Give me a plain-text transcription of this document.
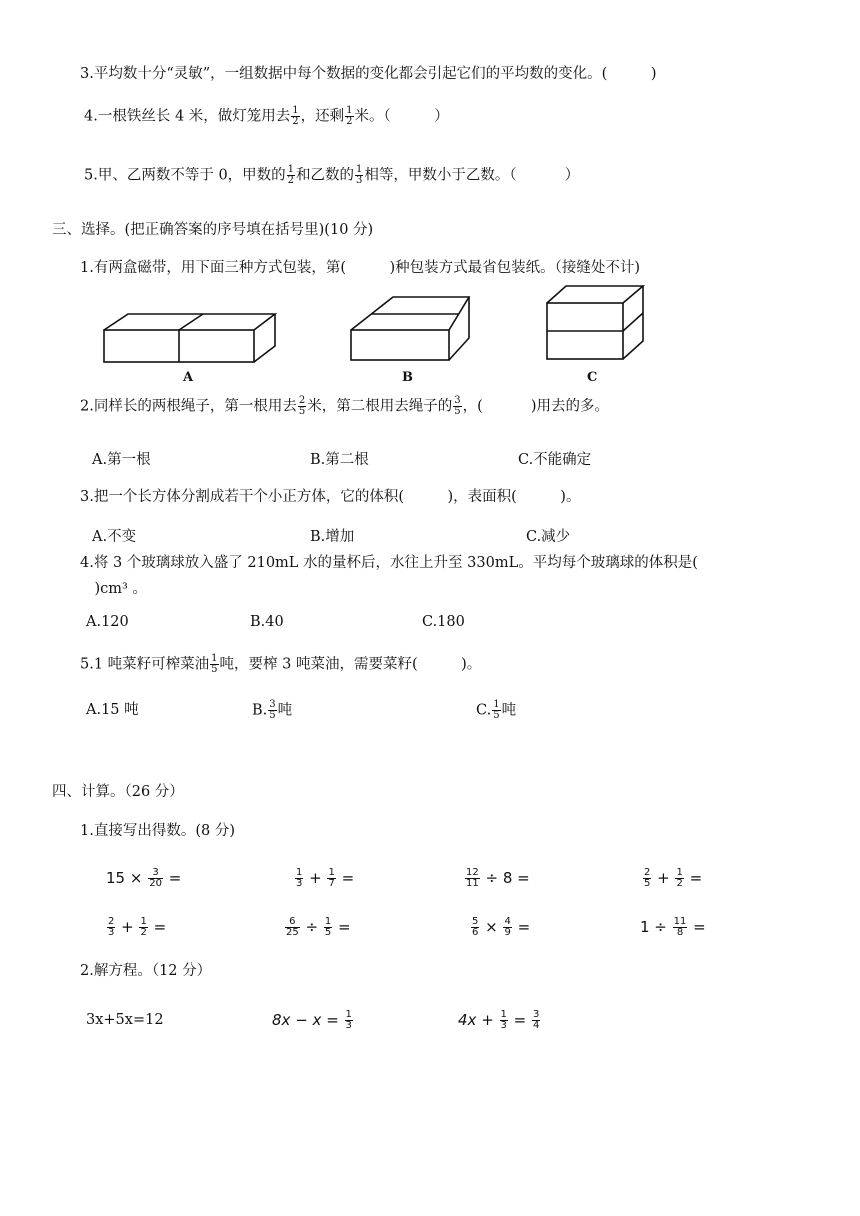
3.平均数十分“灵敏”，一组数据中每个数据的变化都会引起它们的平均数的变化。(　　　)
4.一根铁丝长 4 米，做灯笼用去 $\frac{1}{2}$ ，还剩 $\frac{1}{2}$ 米。（　　　）
5.甲、乙两数不等于 0，甲数的 $\frac{1}{2}$ 和乙数的 $\frac{1}{3}$ 相等，甲数小于乙数。（　　　 ）
三、选择。(把正确答案的序号填在括号里)(10 分)
1.有两盒磁带，用下面三种方式包装，第(　　　)种包装方式最省包装纸。（接缝处不计)
A	B	C
2.同样长的两根绳子，第一根用去 $\frac{2}{5}$ 米，第二根用去绳子的 $\frac{3}{5}$ ，(　　　 )用去的多。
A.第一根	B.第二根	C.不能确定
3.把一个长方体分割成若干个小正方体，它的体积(　　　)，表面积(　　　)。
A.不变	B.增加	C.减少
4.将 3 个玻璃球放入盛了 210mL 水的量杯后，水往上升至 330mL。平均每个玻璃球的体积是(
　)cm³ 。
A.120	B.40	C.180
5.1 吨菜籽可榨菜油 $\frac{1}{5}$ 吨，要榨 3 吨菜油，需要菜籽(　　　)。
A.15 吨	B. $\frac{3}{5}$ 吨	C. $\frac{1}{5}$ 吨
四、计算。（26 分）
1.直接写出得数。(8 分)
$15 \times \frac{3}{20}$ =	$\frac{1}{3} + \frac{1}{7}$ =	$\frac{12}{11} \div 8$ =	$\frac{2}{5} + \frac{1}{2}$ =
$\frac{2}{3} + \frac{1}{2}$ =	$\frac{6}{25} \div \frac{1}{5}$ =	$\frac{5}{6} \times \frac{4}{9}$ =	$1 \div \frac{11}{8}$ =
2.解方程。（12 分）
3x+5x=12	$8x - x = \frac{1}{3}$	$4x + \frac{1}{3} = \frac{3}{4}$
